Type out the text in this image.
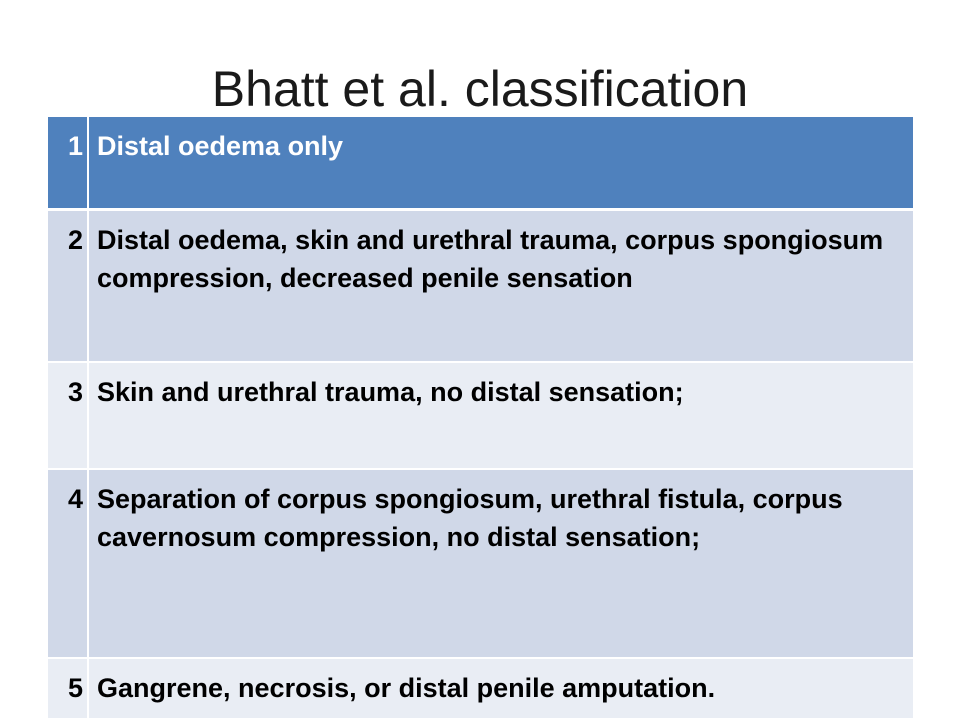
Bhatt et al. classification
1	Distal oedema only
2	Distal oedema, skin and urethral trauma, corpus spongiosum compression, decreased penile sensation
3	Skin and urethral trauma, no distal sensation;
4	Separation of corpus spongiosum, urethral fistula, corpus cavernosum compression, no distal sensation;
5	Gangrene, necrosis, or distal penile amputation.
